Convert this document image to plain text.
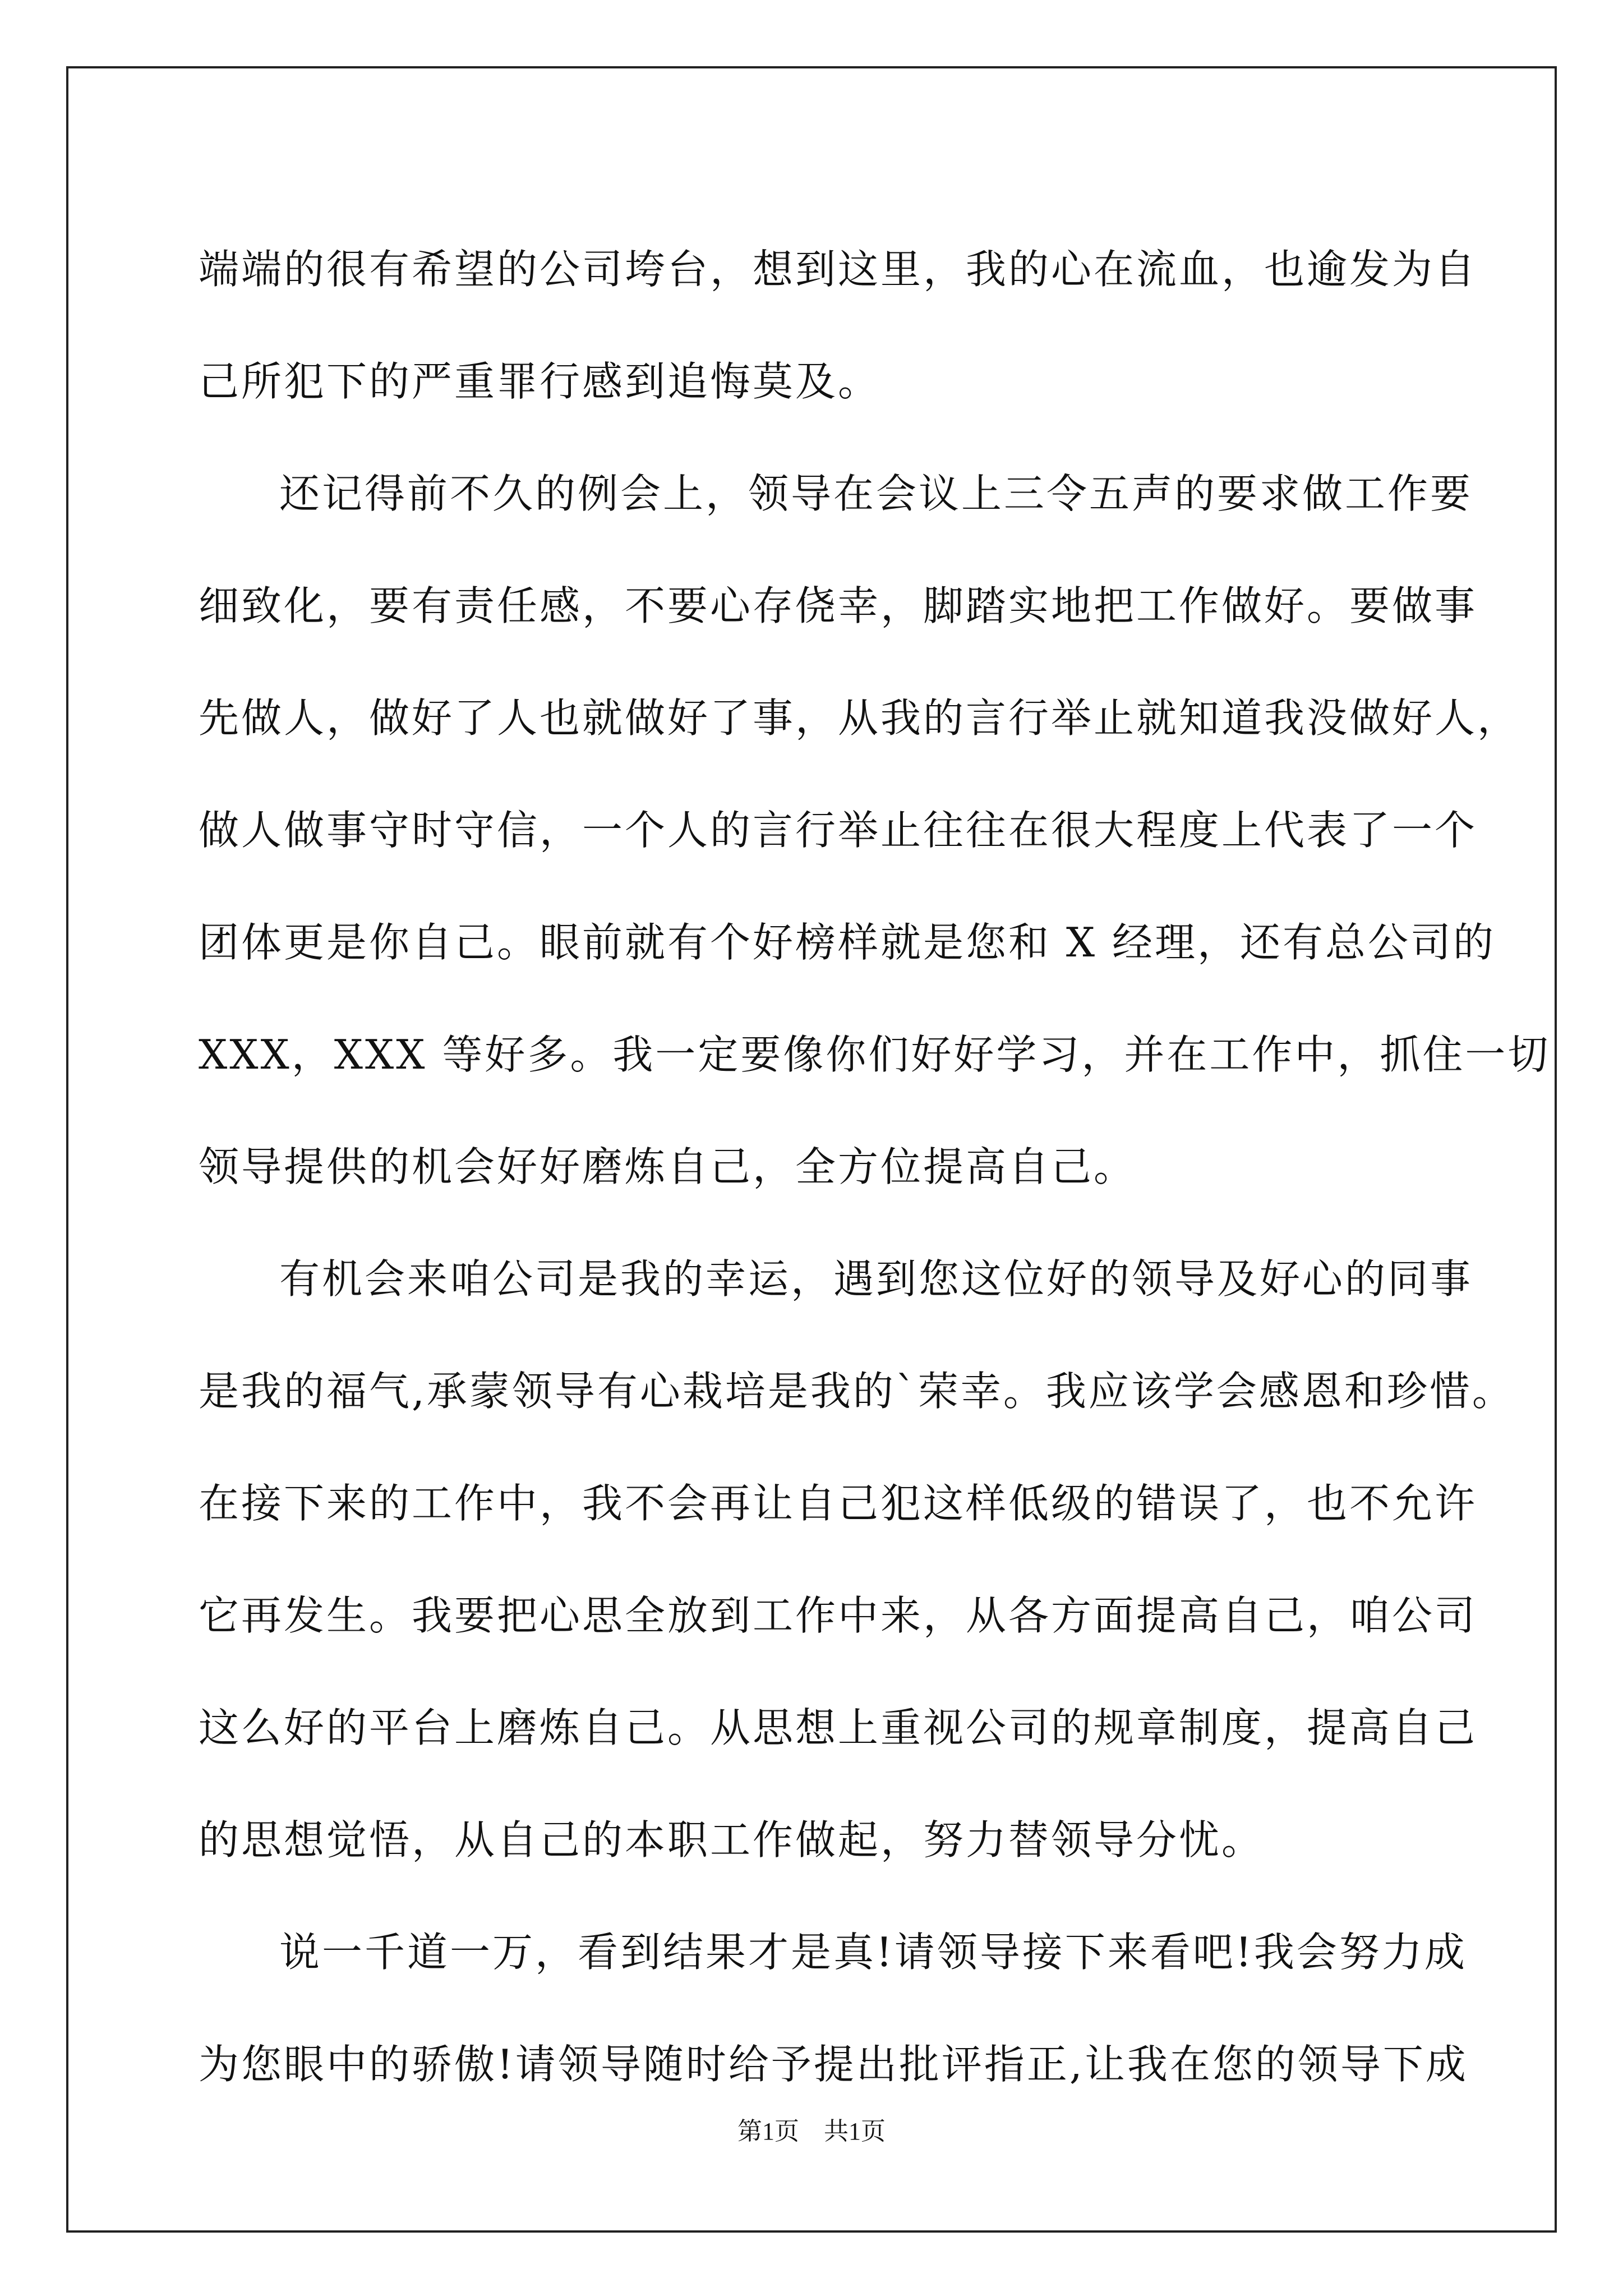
端端的很有希望的公司垮台，想到这里，我的心在流血，也逾发为自
己所犯下的严重罪行感到追悔莫及。
还记得前不久的例会上，领导在会议上三令五声的要求做工作要
细致化，要有责任感，不要心存侥幸，脚踏实地把工作做好。要做事
先做人，做好了人也就做好了事，从我的言行举止就知道我没做好人，
做人做事守时守信，一个人的言行举止往往在很大程度上代表了一个
团体更是你自己。眼前就有个好榜样就是您和 X 经理，还有总公司的
XXX，XXX 等好多。我一定要像你们好好学习，并在工作中，抓住一切
领导提供的机会好好磨炼自己，全方位提高自己。
有机会来咱公司是我的幸运，遇到您这位好的领导及好心的同事
是我的福气,承蒙领导有心栽培是我的`荣幸。我应该学会感恩和珍惜。
在接下来的工作中，我不会再让自己犯这样低级的错误了，也不允许
它再发生。我要把心思全放到工作中来，从各方面提高自己，咱公司
这么好的平台上磨炼自己。从思想上重视公司的规章制度，提高自己
的思想觉悟，从自己的本职工作做起，努力替领导分忧。
说一千道一万，看到结果才是真!请领导接下来看吧!我会努力成
为您眼中的骄傲!请领导随时给予提出批评指正,让我在您的领导下成
第1页　共1页
